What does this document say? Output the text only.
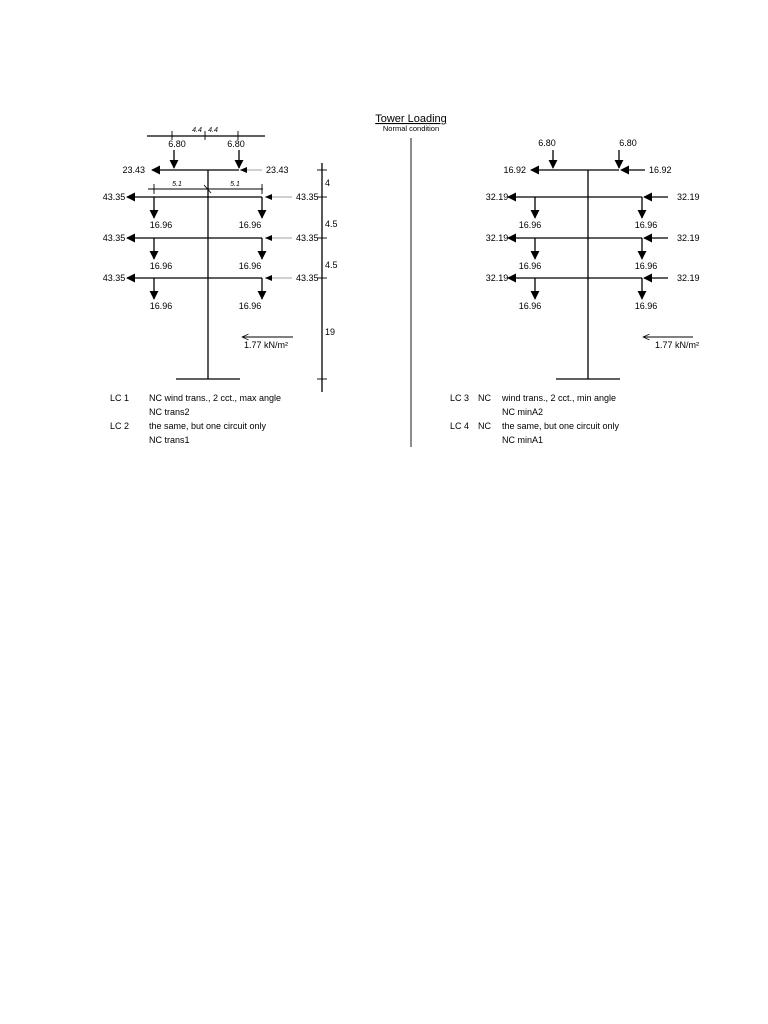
Tower Loading
Normal condition
4.4 4.4
6.80	6.80
23.43	23.43
5.1	5.1
16.96	16.96
43.35	43.35
16.96	16.96
43.35	43.35
16.96	16.96
43.35	43.35
4
4.5
4.5
19
1.77 kN/m²
6.80	6.80
16.92	16.92
16.96	16.96
32.19	32.19
16.96	16.96
32.19	32.19
16.96	16.96
32.19	32.19
1.77 kN/m²
LC 1 NC wind trans., 2 cct., max angle
NC trans2
LC 2 the same, but one circuit only
NC trans1
LC 3 NC wind trans., 2 cct., min angle
NC minA2
LC 4 NC the same, but one circuit only
NC minA1
